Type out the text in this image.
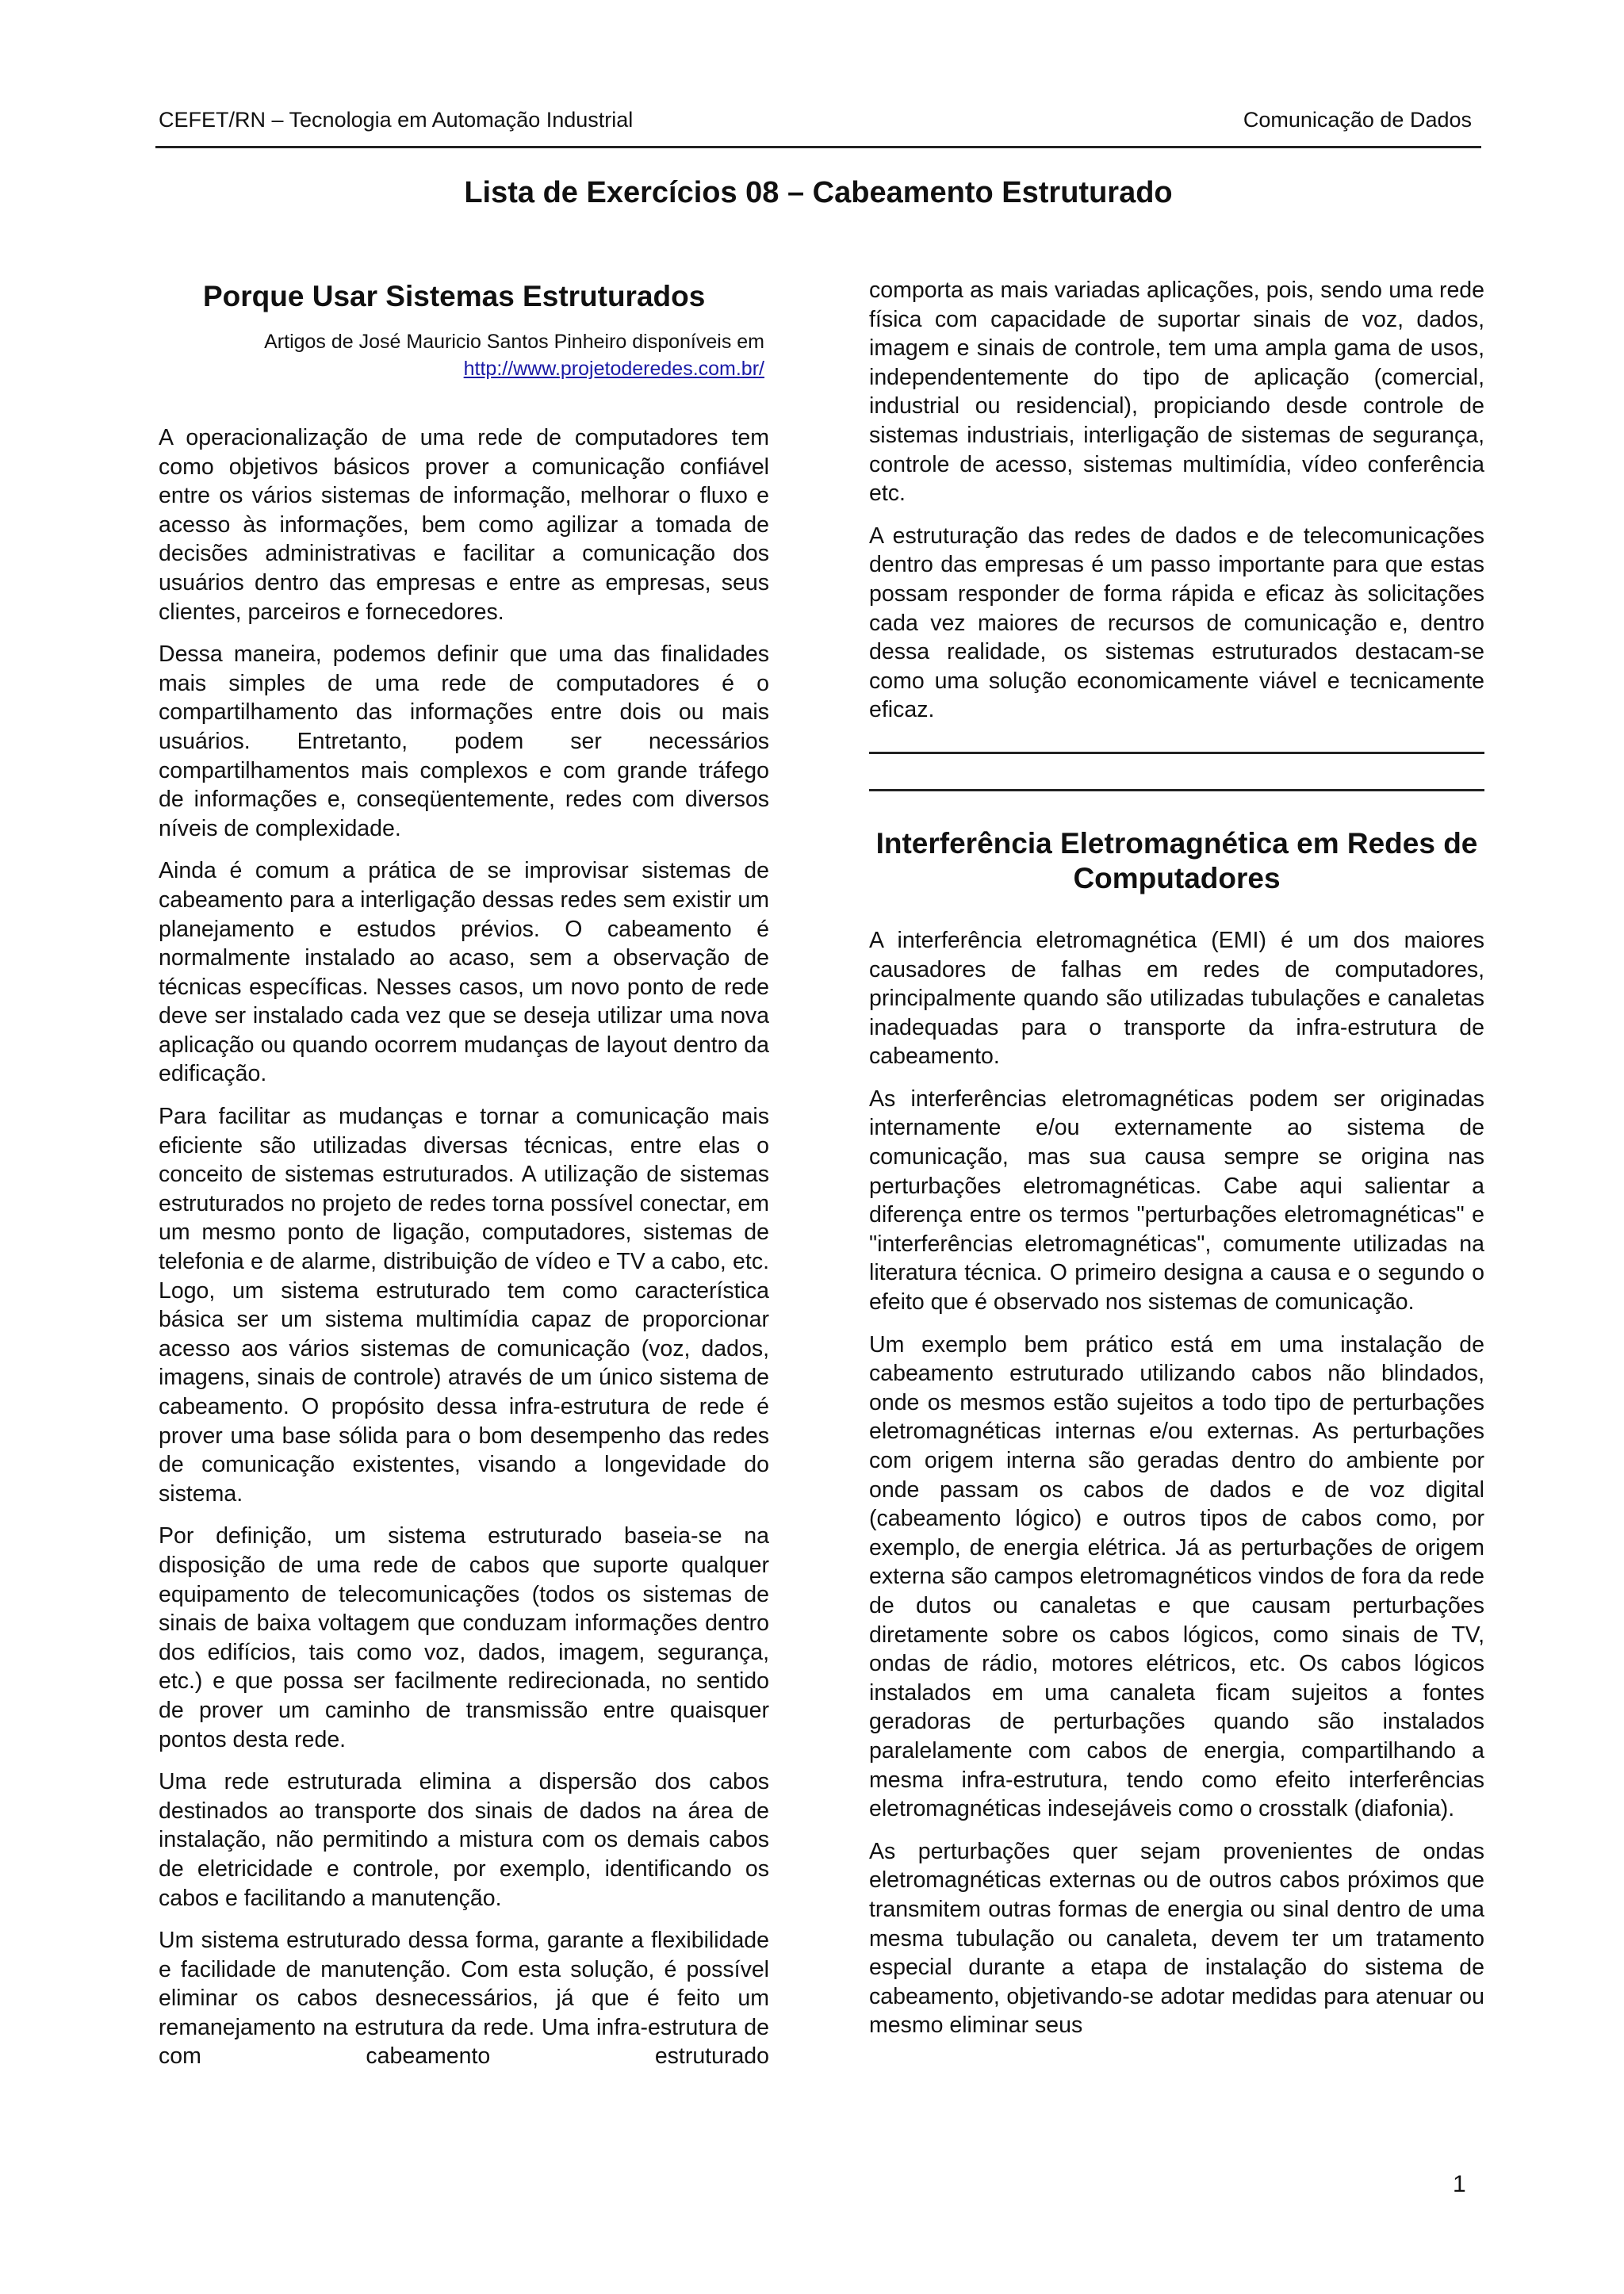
CEFET/RN – Tecnologia em Automação Industrial	Comunicação de Dados
Lista de Exercícios 08 – Cabeamento Estruturado
Porque Usar Sistemas Estruturados
Artigos de José Mauricio Santos Pinheiro disponíveis em
http://www.projetoderedes.com.br/

A operacionalização de uma rede de computadores tem como objetivos básicos prover a comunicação confiável entre os vários sistemas de informação, melhorar o fluxo e acesso às informações, bem como agilizar a tomada de decisões administrativas e facilitar a comunicação dos usuários dentro das empresas e entre as empresas, seus clientes, parceiros e fornecedores.

Dessa maneira, podemos definir que uma das finalidades mais simples de uma rede de computadores é o compartilhamento das informações entre dois ou mais usuários. Entretanto, podem ser necessários compartilhamentos mais complexos e com grande tráfego de informações e, conseqüentemente, redes com diversos níveis de complexidade.

Ainda é comum a prática de se improvisar sistemas de cabeamento para a interligação dessas redes sem existir um planejamento e estudos prévios. O cabeamento é normalmente instalado ao acaso, sem a observação de técnicas específicas. Nesses casos, um novo ponto de rede deve ser instalado cada vez que se deseja utilizar uma nova aplicação ou quando ocorrem mudanças de layout dentro da edificação.

Para facilitar as mudanças e tornar a comunicação mais eficiente são utilizadas diversas técnicas, entre elas o conceito de sistemas estruturados. A utilização de sistemas estruturados no projeto de redes torna possível conectar, em um mesmo ponto de ligação, computadores, sistemas de telefonia e de alarme, distribuição de vídeo e TV a cabo, etc. Logo, um sistema estruturado tem como característica básica ser um sistema multimídia capaz de proporcionar acesso aos vários sistemas de comunicação (voz, dados, imagens, sinais de controle) através de um único sistema de cabeamento. O propósito dessa infra-estrutura de rede é prover uma base sólida para o bom desempenho das redes de comunicação existentes, visando a longevidade do sistema.

Por definição, um sistema estruturado baseia-se na disposição de uma rede de cabos que suporte qualquer equipamento de telecomunicações (todos os sistemas de sinais de baixa voltagem que conduzam informações dentro dos edifícios, tais como voz, dados, imagem, segurança, etc.) e que possa ser facilmente redirecionada, no sentido de prover um caminho de transmissão entre quaisquer pontos desta rede.

Uma rede estruturada elimina a dispersão dos cabos destinados ao transporte dos sinais de dados na área de instalação, não permitindo a mistura com os demais cabos de eletricidade e controle, por exemplo, identificando os cabos e facilitando a manutenção.

Um sistema estruturado dessa forma, garante a flexibilidade e facilidade de manutenção. Com esta solução, é possível eliminar os cabos desnecessários, já que é feito um remanejamento na estrutura da rede. Uma infra-estrutura de com cabeamento estruturado

comporta as mais variadas aplicações, pois, sendo uma rede física com capacidade de suportar sinais de voz, dados, imagem e sinais de controle, tem uma ampla gama de usos, independentemente do tipo de aplicação (comercial, industrial ou residencial), propiciando desde controle de sistemas industriais, interligação de sistemas de segurança, controle de acesso, sistemas multimídia, vídeo conferência etc.

A estruturação das redes de dados e de telecomunicações dentro das empresas é um passo importante para que estas possam responder de forma rápida e eficaz às solicitações cada vez maiores de recursos de comunicação e, dentro dessa realidade, os sistemas estruturados destacam-se como uma solução economicamente viável e tecnicamente eficaz.

Interferência Eletromagnética em Redes de Computadores

A interferência eletromagnética (EMI) é um dos maiores causadores de falhas em redes de computadores, principalmente quando são utilizadas tubulações e canaletas inadequadas para o transporte da infra-estrutura de cabeamento.

As interferências eletromagnéticas podem ser originadas internamente e/ou externamente ao sistema de comunicação, mas sua causa sempre se origina nas perturbações eletromagnéticas. Cabe aqui salientar a diferença entre os termos "perturbações eletromagnéticas" e "interferências eletromagnéticas", comumente utilizadas na literatura técnica. O primeiro designa a causa e o segundo o efeito que é observado nos sistemas de comunicação.

Um exemplo bem prático está em uma instalação de cabeamento estruturado utilizando cabos não blindados, onde os mesmos estão sujeitos a todo tipo de perturbações eletromagnéticas internas e/ou externas. As perturbações com origem interna são geradas dentro do ambiente por onde passam os cabos de dados e de voz digital (cabeamento lógico) e outros tipos de cabos como, por exemplo, de energia elétrica. Já as perturbações de origem externa são campos eletromagnéticos vindos de fora da rede de dutos ou canaletas e que causam perturbações diretamente sobre os cabos lógicos, como sinais de TV, ondas de rádio, motores elétricos, etc. Os cabos lógicos instalados em uma canaleta ficam sujeitos a fontes geradoras de perturbações quando são instalados paralelamente com cabos de energia, compartilhando a mesma infra-estrutura, tendo como efeito interferências eletromagnéticas indesejáveis como o crosstalk (diafonia).

As perturbações quer sejam provenientes de ondas eletromagnéticas externas ou de outros cabos próximos que transmitem outras formas de energia ou sinal dentro de uma mesma tubulação ou canaleta, devem ter um tratamento especial durante a etapa de instalação do sistema de cabeamento, objetivando-se adotar medidas para atenuar ou mesmo eliminar seus

1
